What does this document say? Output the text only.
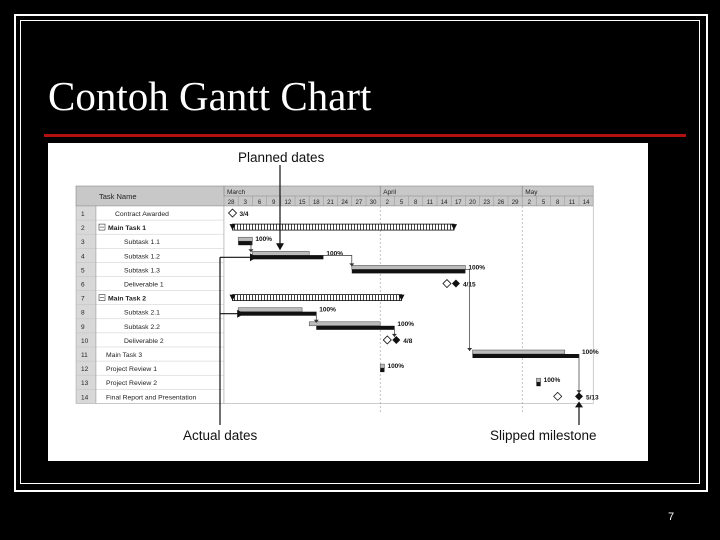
Contoh Gantt Chart
Planned dates
Actual dates	Slipped milestone
Task Name	March	April	May
28 3 6 9 12 15 18 21 24 27 30 2 5 8 11 14 17 20 23 26 29 2 5 8 11 14
1	Contract Awarded
2	Main Task 1
3	Subtask 1.1
4	Subtask 1.2
5	Subtask 1.3
6	Deliverable 1
7	Main Task 2
8	Subtask 2.1
9	Subtask 2.2
10	Deliverable 2
11	Main Task 3
12	Project Review 1
13	Project Review 2
14	Final Report and Presentation
100%
100%
100%
100%
100%
100%
100%
100%
3/4
4/15
4/8
5/13
7
